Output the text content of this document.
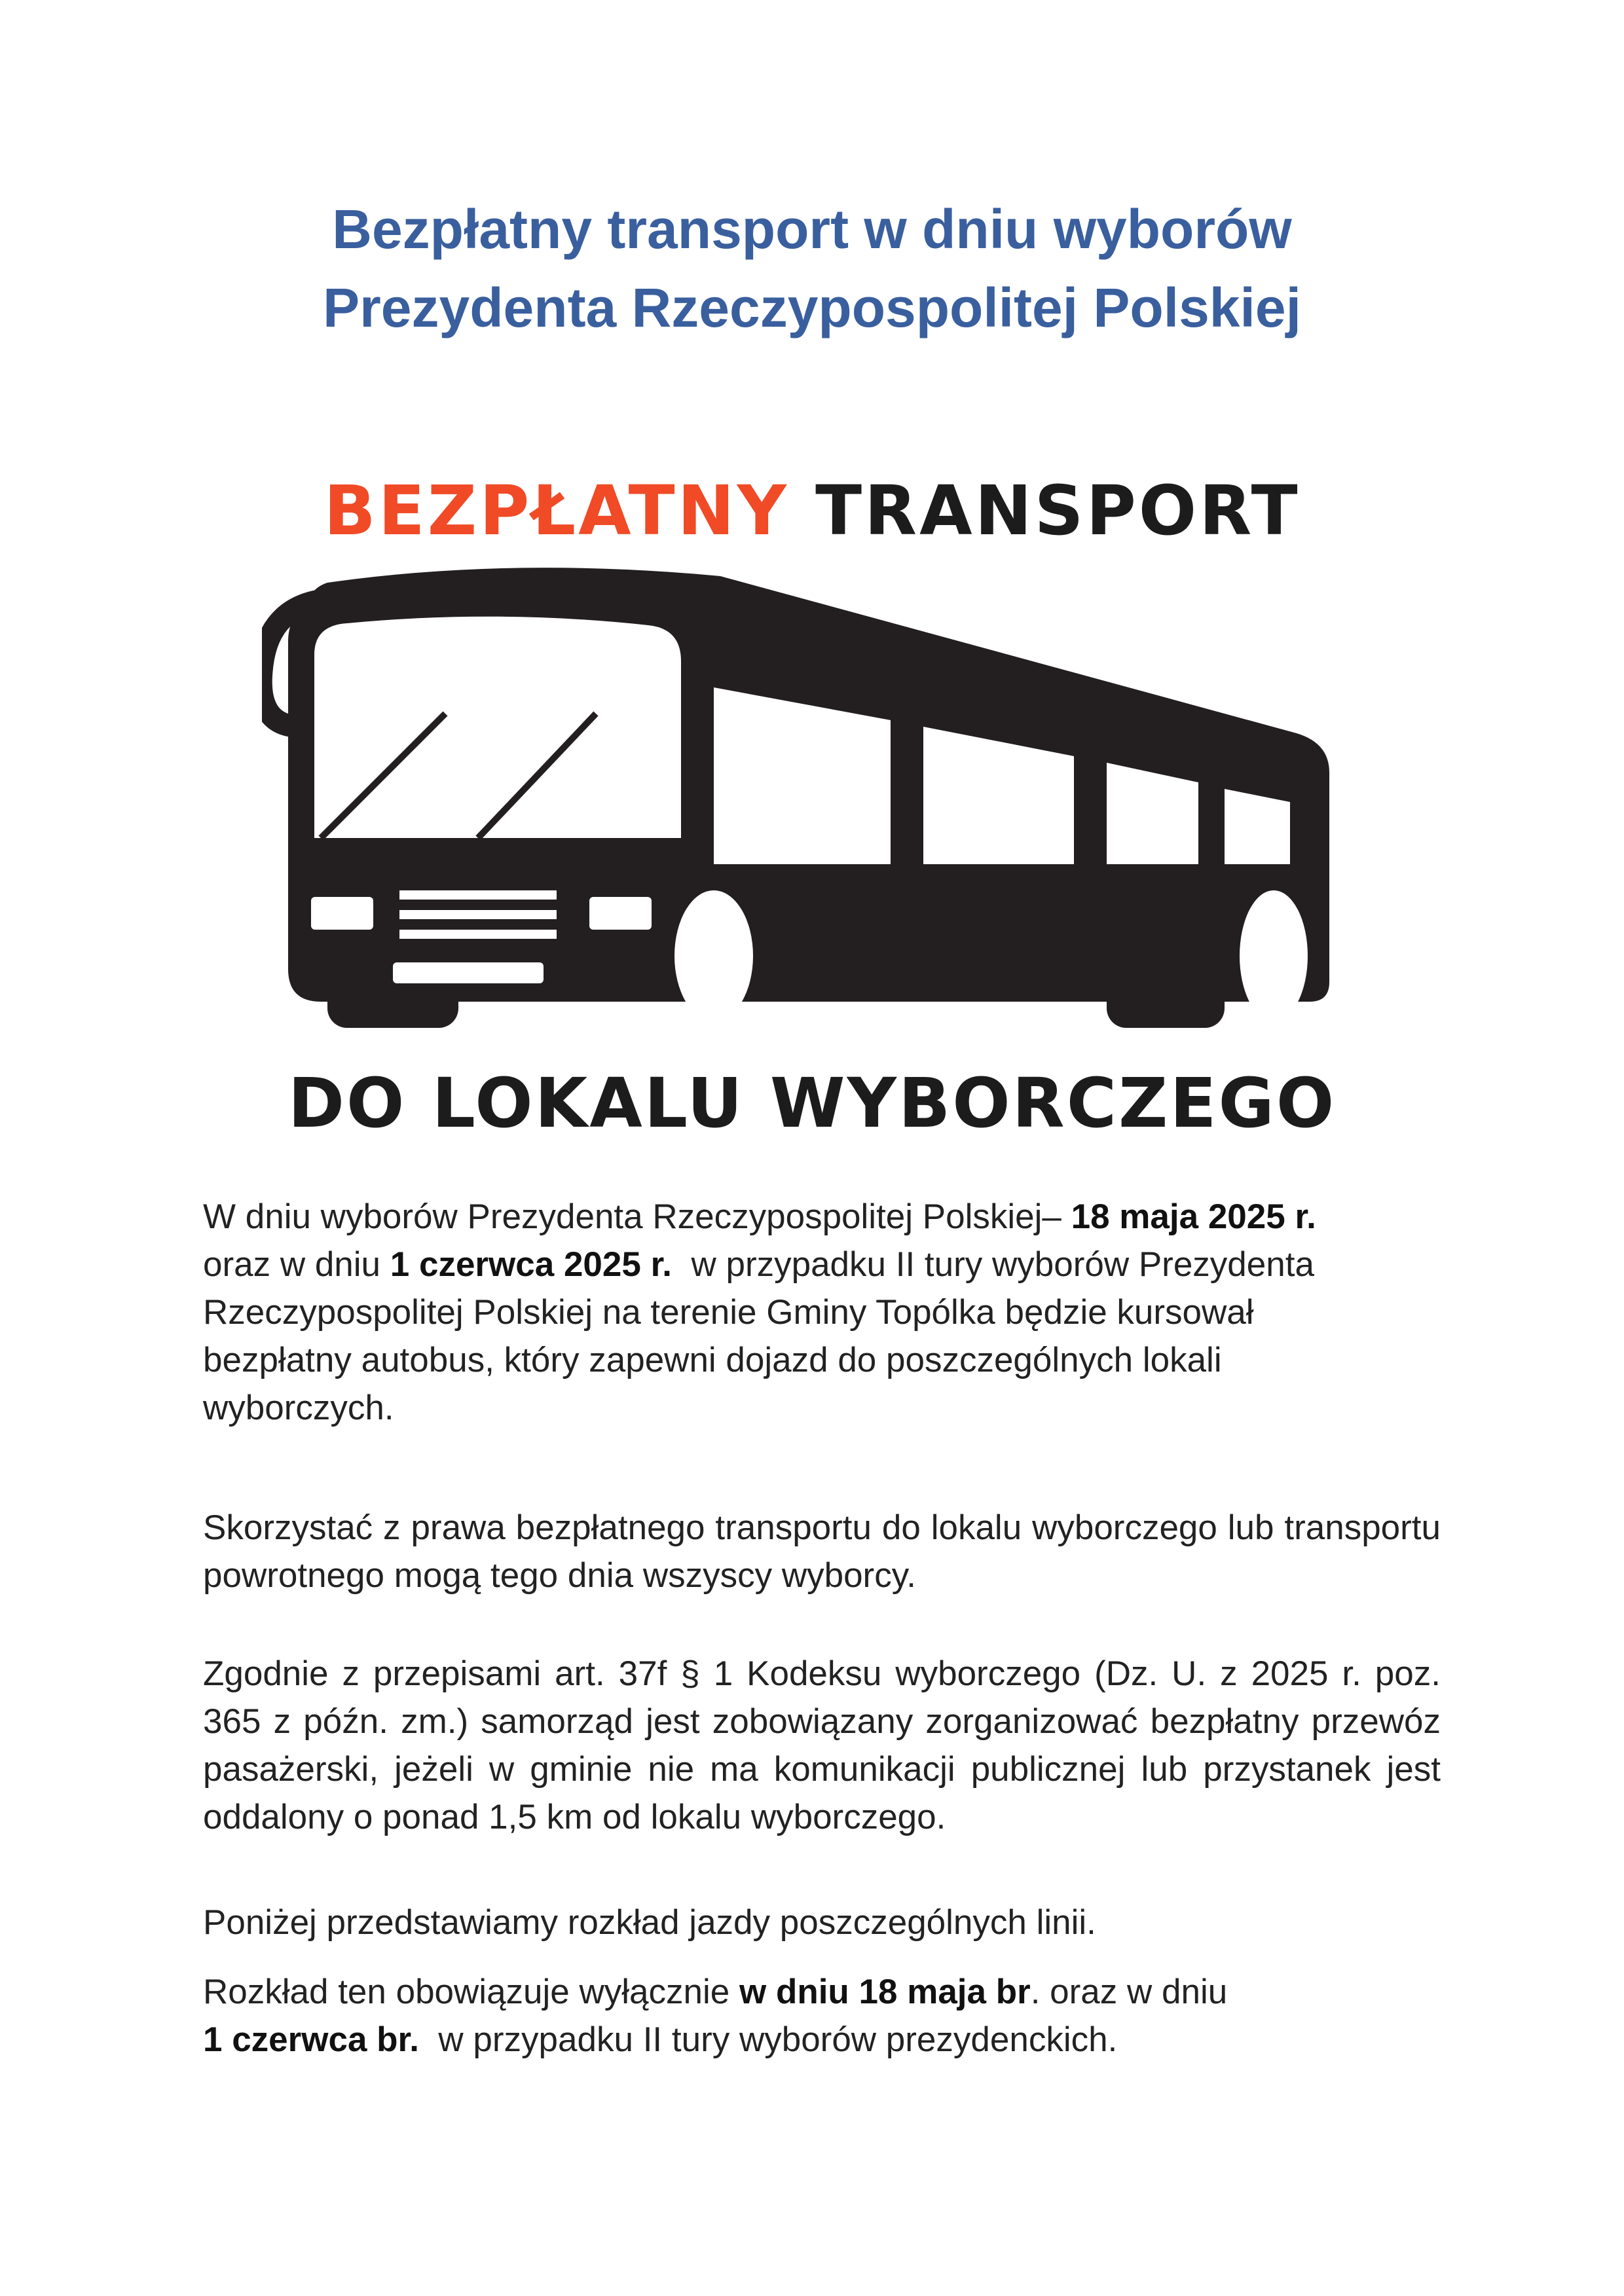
Bezpłatny transport w dniu wyborów
Prezydenta Rzeczypospolitej Polskiej
BEZPŁATNY TRANSPORT
DO LOKALU WYBORCZEGO
W dniu wyborów Prezydenta Rzeczypospolitej Polskiej– 18 maja 2025 r.
oraz w dniu 1 czerwca 2025 r.  w przypadku II tury wyborów Prezydenta
Rzeczypospolitej Polskiej na terenie Gminy Topólka będzie kursował
bezpłatny autobus, który zapewni dojazd do poszczególnych lokali
wyborczych.
Skorzystać z prawa bezpłatnego transportu do lokalu wyborczego lub transportu powrotnego mogą tego dnia wszyscy wyborcy.
Zgodnie z przepisami art. 37f § 1 Kodeksu wyborczego (Dz. U. z 2025 r. poz. 365 z późn. zm.) samorząd jest zobowiązany zorganizować bezpłatny przewóz pasażerski, jeżeli w gminie nie ma komunikacji publicznej lub przystanek jest oddalony o ponad 1,5 km od lokalu wyborczego.
Poniżej przedstawiamy rozkład jazdy poszczególnych linii.
Rozkład ten obowiązuje wyłącznie w dniu 18 maja br. oraz w dniu
1 czerwca br.  w przypadku II tury wyborów prezydenckich.
